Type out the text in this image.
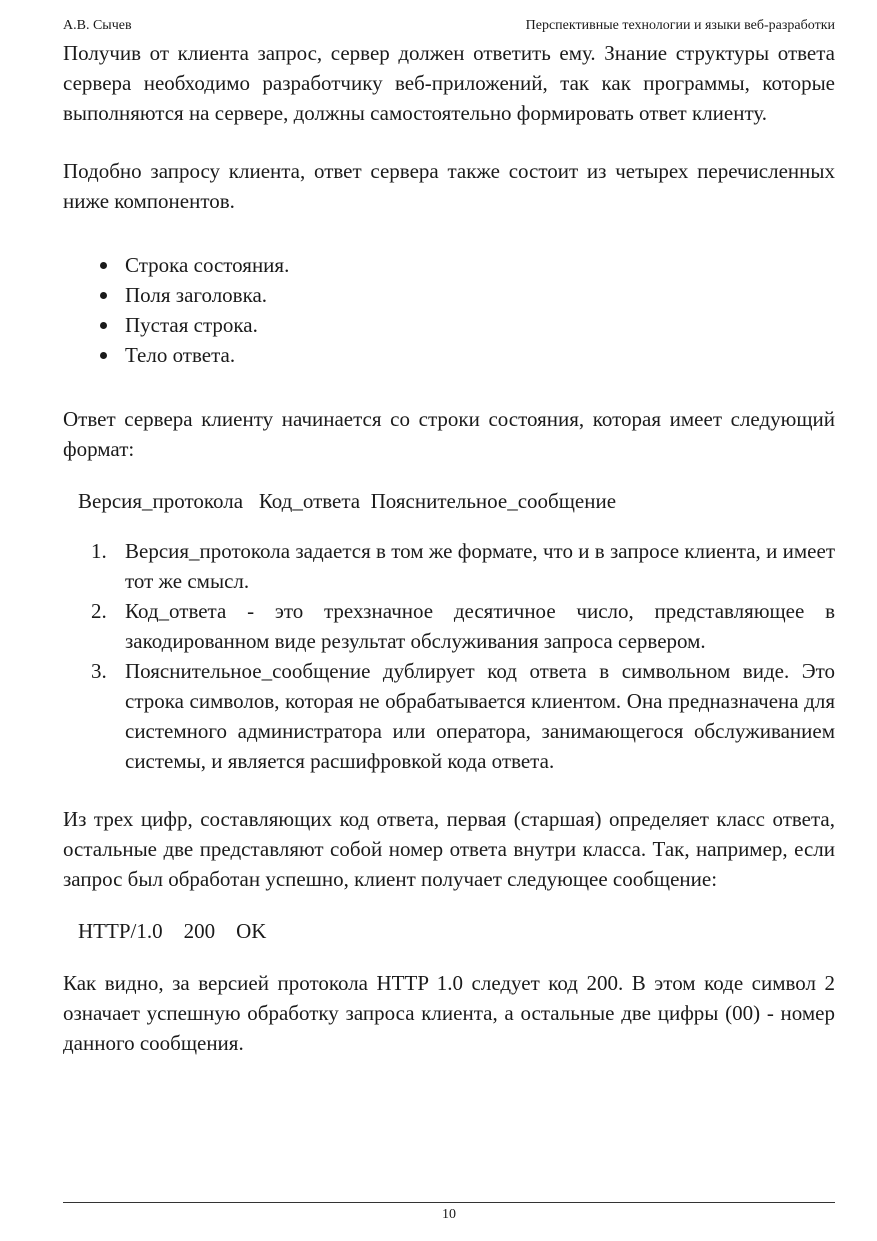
А.В. Сычев	Перспективные технологии и языки веб-разработки

Получив от клиента запрос, сервер должен ответить ему. Знание структуры ответа сервера необходимо разработчику веб-приложений, так как программы, которые выполняются на сервере, должны самостоятельно формировать ответ клиенту.

Подобно запросу клиента, ответ сервера также состоит из четырех перечисленных ниже компонентов.

Строка состояния.
Поля заголовка.
Пустая строка.
Тело ответа.

Ответ сервера клиенту начинается со строки состояния, которая имеет следующий формат:

Версия_протокола   Код_ответа  Пояснительное_сообщение
1. Версия_протокола задается в том же формате, что и в запросе клиента, и имеет тот же смысл.
2. Код_ответа - это трехзначное десятичное число, представляющее в закодированном виде результат обслуживания запроса сервером.
3. Пояснительное_сообщение дублирует код ответа в символьном виде. Это строка символов, которая не обрабатывается клиентом. Она предназначена для системного администратора или оператора, занимающегося обслуживанием системы, и является расшифровкой кода ответа.

Из трех цифр, составляющих код ответа, первая (старшая) определяет класс ответа, остальные две представляют собой номер ответа внутри класса. Так, например, если запрос был обработан успешно, клиент получает следующее сообщение:

HTTP/1.0    200    OK

Как видно, за версией протокола HTTP 1.0 следует код 200. В этом коде символ 2 означает успешную обработку запроса клиента, а остальные две цифры (00) - номер данного сообщения.

10
